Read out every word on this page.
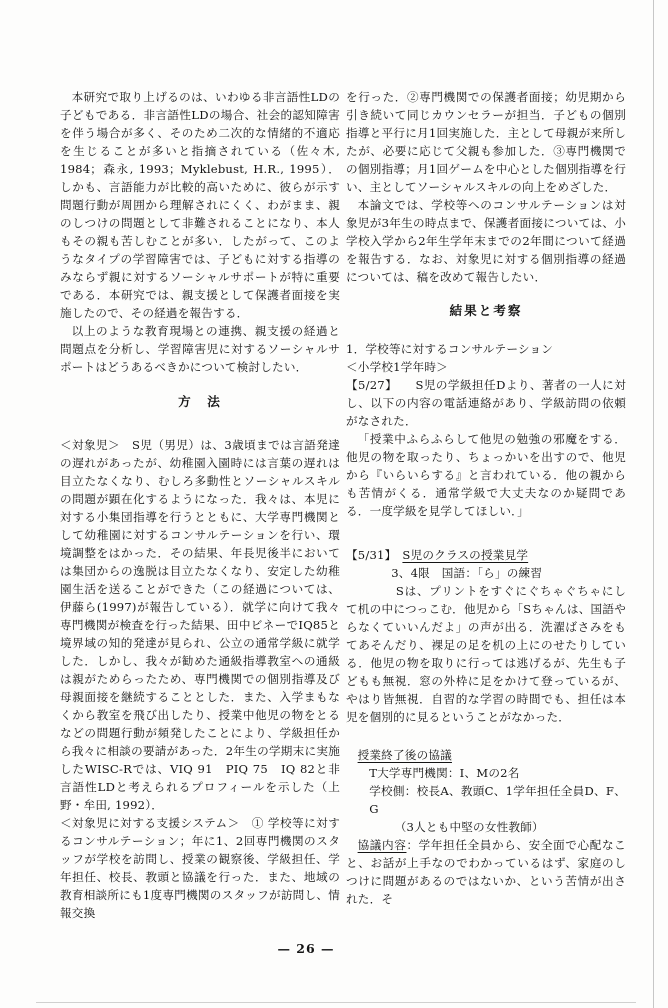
本研究で取り上げるのは、いわゆる非言語性LDの子どもである．非言語性LDの場合、社会的認知障害を伴う場合が多く、そのため二次的な情緒的不適応を生じることが多いと指摘されている（佐々木, 1984；森永, 1993；Myklebust, H.R., 1995）．しかも、言語能力が比較的高いために、彼らが示す問題行動が周囲から理解されにくく、わがまま、親のしつけの問題として非難されることになり、本人もその親も苦しむことが多い．したがって、このようなタイプの学習障害では、子どもに対する指導のみならず親に対するソーシャルサポートが特に重要である．本研究では、親支援として保護者面接を実施したので、その経過を報告する．

以上のような教育現場との連携、親支援の経過と問題点を分析し、学習障害児に対するソーシャルサポートはどうあるべきかについて検討したい．

方　法

＜対象児＞　S児（男児）は、3歳頃までは言語発達の遅れがあったが、幼稚園入園時には言葉の遅れは目立たなくなり、むしろ多動性とソーシャルスキルの問題が顕在化するようになった．我々は、本児に対する小集団指導を行うとともに、大学専門機関として幼稚園に対するコンサルテーションを行い、環境調整をはかった．その結果、年長児後半においては集団からの逸脱は目立たなくなり、安定した幼稚園生活を送ることができた（この経過については、伊藤ら(1997)が報告している）．就学に向けて我々専門機関が検査を行った結果、田中ビネーでIQ85と境界域の知的発達が見られ、公立の通常学級に就学した．しかし、我々が勧めた通級指導教室への通級は親がためらったため、専門機関での個別指導及び母親面接を継続することとした．また、入学まもなくから教室を飛び出したり、授業中他児の物をとるなどの問題行動が頻発したことにより、学級担任から我々に相談の要請があった．2年生の学期末に実施したWISC-Rでは、VIQ 91　PIQ 75　IQ 82と非言語性LDと考えられるプロフィールを示した（上野・牟田, 1992）．

＜対象児に対する支援システム＞　① 学校等に対するコンサルテーション；年に1、2回専門機関のスタッフが学校を訪問し、授業の観察後、学級担任、学年担任、校長、教頭と協議を行った．また、地域の教育相談所にも1度専門機関のスタッフが訪問し、情報交換

を行った．②専門機関での保護者面接；幼児期から引き続いて同じカウンセラーが担当．子どもの個別指導と平行に月1回実施した．主として母親が来所したが、必要に応じて父親も参加した．③専門機関での個別指導；月1回ゲームを中心とした個別指導を行い、主としてソーシャルスキルの向上をめざした．

本論文では、学校等へのコンサルテーションは対象児が3年生の時点まで、保護者面接については、小学校入学から2年生学年末までの2年間について経過を報告する．なお、対象児に対する個別指導の経過については、稿を改めて報告したい．

結果と考察

1．学校等に対するコンサルテーション

＜小学校1学年時＞

【5/27】　　S児の学級担任Dより、著者の一人に対し、以下の内容の電話連絡があり、学級訪問の依頼がなされた．

「授業中ふらふらして他児の勉強の邪魔をする．他児の物を取ったり、ちょっかいを出すので、他児から『いらいらする』と言われている．他の親からも苦情がくる．通常学級で大丈夫なのか疑問である．一度学級を見学してほしい．」

【5/31】　S児のクラスの授業見学

3、4限　国語：「ら」の練習

Sは、プリントをすぐにぐちゃぐちゃにして机の中につっこむ．他児から「Sちゃんは、国語やらなくていいんだよ」の声が出る．洗濯ばさみをもてあそんだり、裸足の足を机の上にのせたりしている．他児の物を取りに行っては逃げるが、先生も子どもも無視．窓の外枠に足をかけて登っているが、やはり皆無視．自習的な学習の時間でも、担任は本児を個別的に見るということがなかった．

授業終了後の協議

T大学専門機関：I、Mの2名

学校側：校長A、教頭C、1学年担任全員D、F、G

（3人とも中堅の女性教師）

協議内容：学年担任全員から、安全面で心配なこと、お話が上手なのでわかっているはず、家庭のしつけに問題があるのではないか、という苦情が出された．そ

— 26 —
